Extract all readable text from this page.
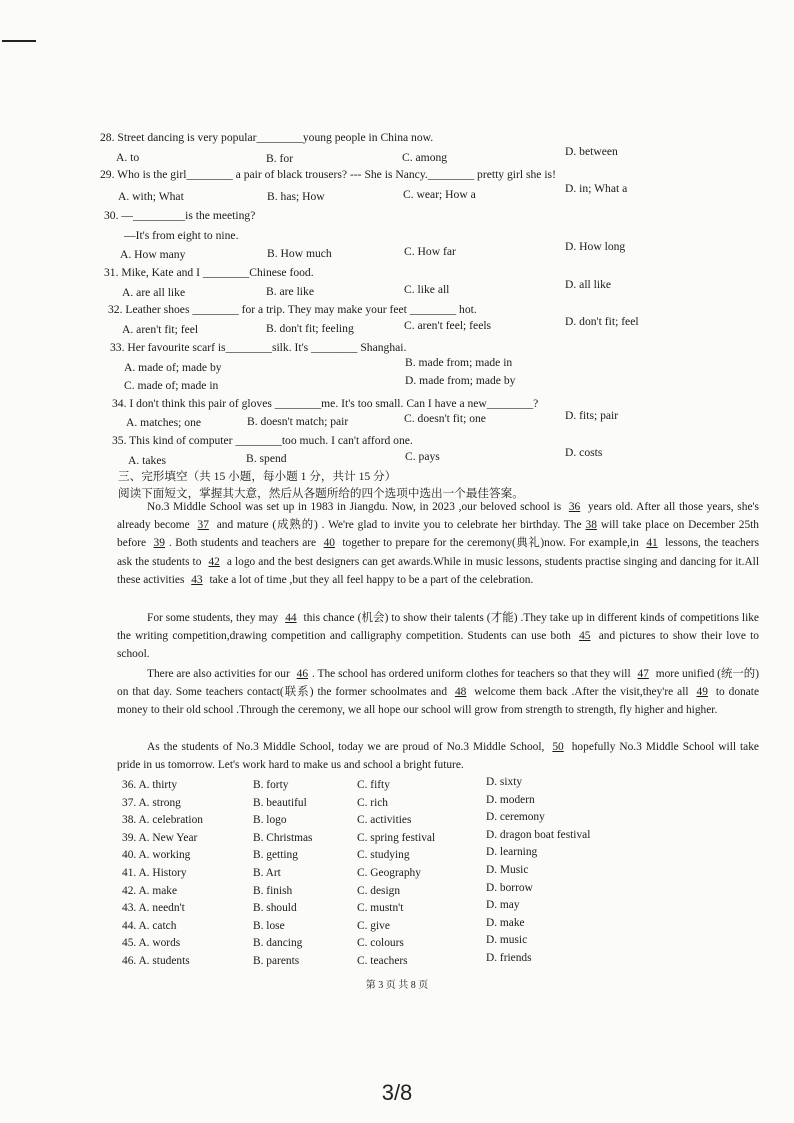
28. Street dancing is very popular________young people in China now.
A. to	B. for	C. among	D. between
29. Who is the girl________ a pair of black trousers? --- She is Nancy.________ pretty girl she is!
A. with; What	B. has; How	C. wear; How a	D. in; What a
30. —_________is the meeting?
—It's from eight to nine.
A. How many	B. How much	C. How far	D. How long
31. Mike, Kate and I ________Chinese food.
A. are all like	B. are like	C. like all	D. all like
32. Leather shoes ________ for a trip. They may make your feet ________ hot.
A. aren't fit; feel	B. don't fit; feeling	C. aren't feel; feels	D. don't fit; feel
33. Her favourite scarf is________silk. It's ________ Shanghai.
A. made of; made by	B. made from; made in
C. made of; made in	D. made from; made by
34. I don't think this pair of gloves ________me. It's too small. Can I have a new________?
A. matches; one	B. doesn't match; pair	C. doesn't fit; one	D. fits; pair
35. This kind of computer ________too much. I can't afford one.
A. takes	B. spend	C. pays	D. costs
三、完形填空（共 15 小题，每小题 1 分，共计 15 分）
阅读下面短文，掌握其大意，然后从各题所给的四个选项中选出一个最佳答案。
No.3 Middle School was set up in 1983 in Jiangdu. Now, in 2023 ,our beloved school is 36 years old. After all those years, she's already become 37 and mature (成熟的) . We're glad to invite you to celebrate her birthday. The 38 will take place on December 25th before 39 . Both students and teachers are 40 together to prepare for the ceremony(典礼)now. For example,in 41 lessons, the teachers ask the students to 42 a logo and the best designers can get awards.While in music lessons, students practise singing and dancing for it.All these activities 43 take a lot of time ,but they all feel happy to be a part of the celebration.
For some students, they may 44 this chance (机会) to show their talents (才能) .They take up in different kinds of competitions like the writing competition,drawing competition and calligraphy competition. Students can use both 45 and pictures to show their love to school.
There are also activities for our 46 . The school has ordered uniform clothes for teachers so that they will 47 more unified (统一的) on that day. Some teachers contact(联系) the former schoolmates and 48 welcome them back .After the visit,they're all 49 to donate money to their old school .Through the ceremony, we all hope our school will grow from strength to strength, fly higher and higher.
As the students of No.3 Middle School, today we are proud of No.3 Middle School, 50 hopefully No.3 Middle School will take pride in us tomorrow. Let's work hard to make us and school a bright future.
36. A. thirty	B. forty	C. fifty	D. sixty
37. A. strong	B. beautiful	C. rich	D. modern
38. A. celebration	B. logo	C. activities	D. ceremony
39. A. New Year	B. Christmas	C. spring festival	D. dragon boat festival
40. A. working	B. getting	C. studying	D. learning
41. A. History	B. Art	C. Geography	D. Music
42. A. make	B. finish	C. design	D. borrow
43. A. needn't	B. should	C. mustn't	D. may
44. A. catch	B. lose	C. give	D. make
45. A. words	B. dancing	C. colours	D. music
46. A. students	B. parents	C. teachers	D. friends
第 3 页 共 8 页
3/8
